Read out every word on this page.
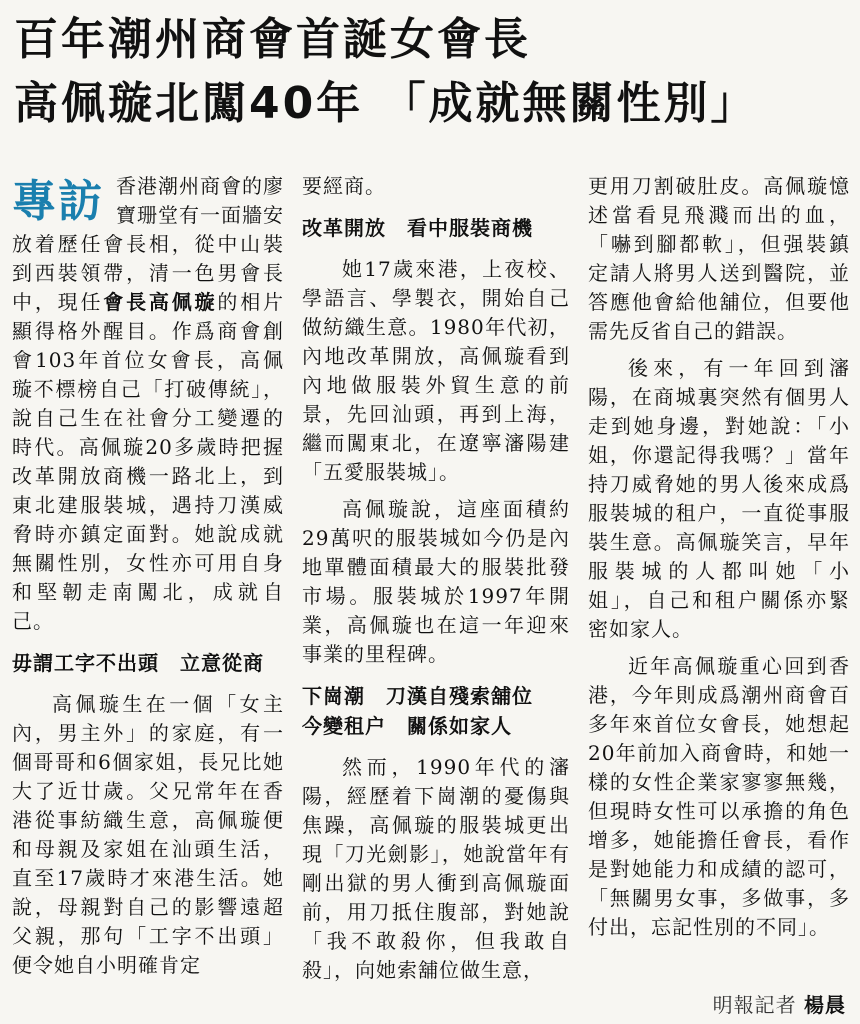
百年潮州商會首誕女會長
高佩璇北闖40年 「成就無關性別」

專訪 香港潮州商會的廖寶珊堂有一面牆安放着歷任會長相，從中山裝到西裝領帶，清一色男會長中，現任會長高佩璇的相片顯得格外醒目。作爲商會創會103年首位女會長，高佩璇不標榜自己「打破傳統」，說自己生在社會分工變遷的時代。高佩璇20多歲時把握改革開放商機一路北上，到東北建服裝城，遇持刀漢威脅時亦鎮定面對。她說成就無關性別，女性亦可用自身和堅韌走南闖北，成就自己。

毋謂工字不出頭　立意從商

高佩璇生在一個「女主內，男主外」的家庭，有一個哥哥和6個家姐，長兄比她大了近廿歲。父兄常年在香港從事紡織生意，高佩璇便和母親及家姐在汕頭生活，直至17歲時才來港生活。她說，母親對自己的影響遠超父親，那句「工字不出頭」便令她自小明確肯定

要經商。

改革開放　看中服裝商機

她17歲來港，上夜校、學語言、學製衣，開始自己做紡織生意。1980年代初，內地改革開放，高佩璇看到內地做服裝外貿生意的前景，先回汕頭，再到上海，繼而闖東北，在遼寧瀋陽建「五愛服裝城」。

高佩璇說，這座面積約29萬呎的服裝城如今仍是內地單體面積最大的服裝批發市場。服裝城於1997年開業，高佩璇也在這一年迎來事業的里程碑。

下崗潮　刀漢自殘索舖位
今變租户　關係如家人

然而，1990年代的瀋陽，經歷着下崗潮的憂傷與焦躁，高佩璇的服裝城更出現「刀光劍影」，她說當年有剛出獄的男人衝到高佩璇面前，用刀抵住腹部，對她說「我不敢殺你，但我敢自殺」，向她索舖位做生意，

更用刀割破肚皮。高佩璇憶述當看見飛濺而出的血，「嚇到腳都軟」，但强裝鎮定請人將男人送到醫院，並答應他會給他舖位，但要他需先反省自己的錯誤。

後來，有一年回到瀋陽，在商城裏突然有個男人走到她身邊，對她說：「小姐，你還記得我嗎？」當年持刀威脅她的男人後來成爲服裝城的租户，一直從事服裝生意。高佩璇笑言，早年服裝城的人都叫她「小姐」，自己和租户關係亦緊密如家人。

近年高佩璇重心回到香港，今年則成爲潮州商會百多年來首位女會長，她想起20年前加入商會時，和她一樣的女性企業家寥寥無幾，但現時女性可以承擔的角色增多，她能擔任會長，看作是對她能力和成績的認可，「無關男女事，多做事，多付出，忘記性別的不同」。

明報記者 楊晨
